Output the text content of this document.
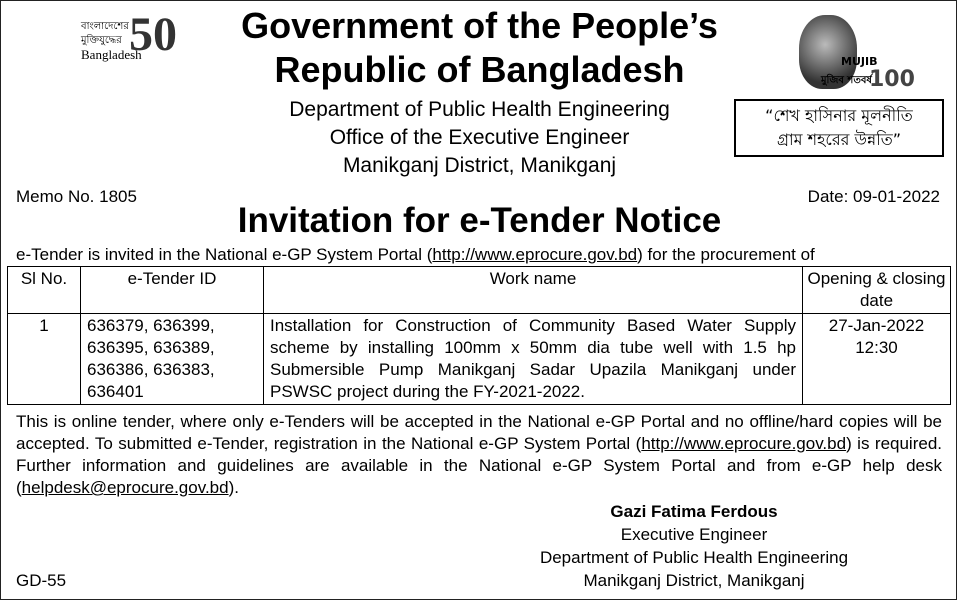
বাংলাদেশের
মুক্তিযুদ্ধের
Bangladesh
50	Government of the People’s
Republic of Bangladesh
Department of Public Health Engineering
Office of the Executive Engineer
Manikganj District, Manikganj
MUJIB
মুজিব শতবর্ষ
100
“শেখ হাসিনার মূলনীতি
গ্রাম শহরের উন্নতি”
Memo No. 1805	Date: 09-01-2022
Invitation for e-Tender Notice
e-Tender is invited in the National e-GP System Portal (http://www.eprocure.gov.bd) for the procurement of
Sl No.	e-Tender ID	Work name	Opening & closing date
1	636379, 636399, 636395, 636389, 636386, 636383, 636401	Installation for Construction of Community Based Water Supply scheme by installing 100mm x 50mm dia tube well with 1.5 hp Submersible Pump Manikganj Sadar Upazila Manikganj under PSWSC project during the FY-2021-2022.	27-Jan-2022
12:30
This is online tender, where only e-Tenders will be accepted in the National e-GP Portal and no offline/hard copies will be accepted. To submitted e-Tender, registration in the National e-GP System Portal (http://www.eprocure.gov.bd) is required. Further information and guidelines are available in the National e-GP System Portal and from e-GP help desk (helpdesk@eprocure.gov.bd).
Gazi Fatima Ferdous
Executive Engineer
Department of Public Health Engineering
Manikganj District, Manikganj
GD-55
